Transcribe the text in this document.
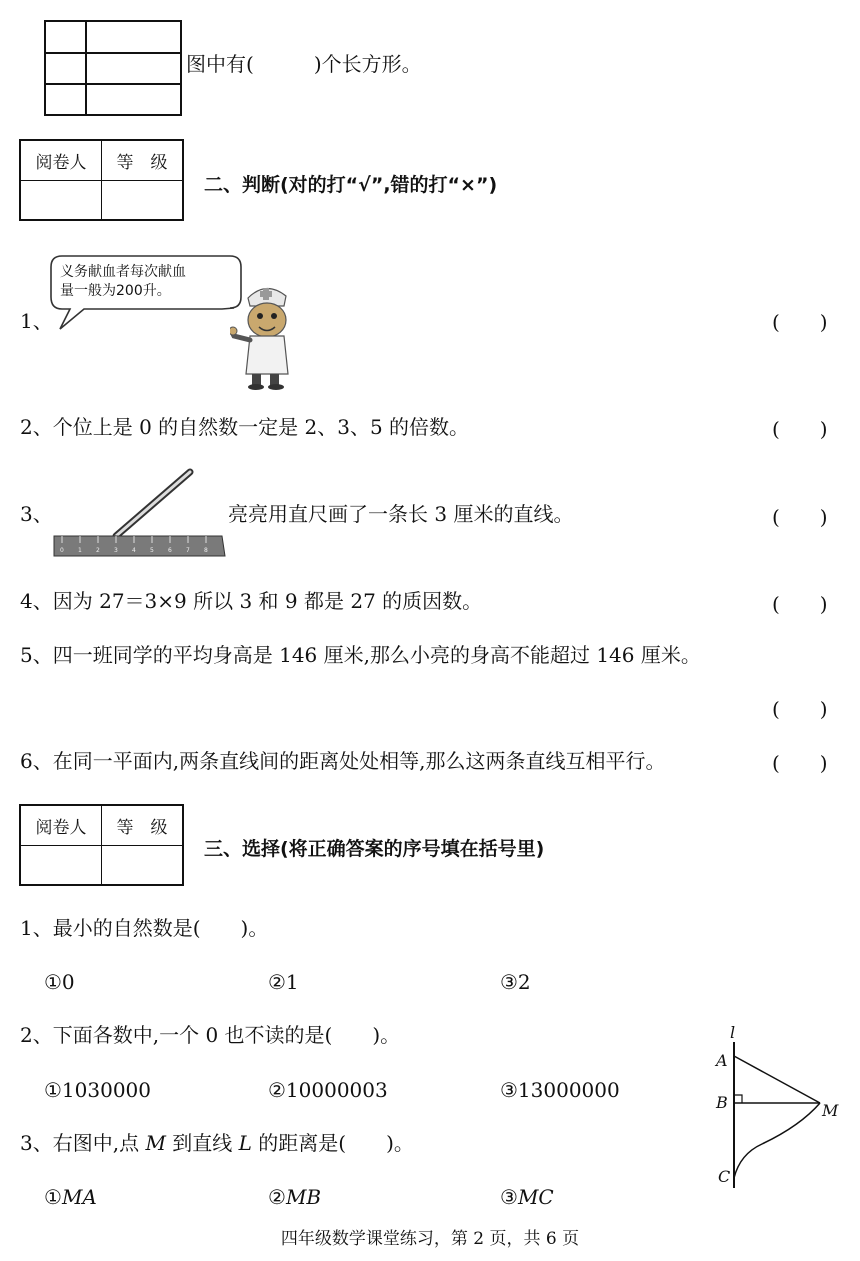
图中有(	)个长方形。
阅卷人	等　级

二、判断(对的打“√”,错的打“×”)
1、
义务献血者每次献血
量一般为200升。
(　　)
2、个位上是 0 的自然数一定是 2、3、5 的倍数。	(　　)
3、
0 1 2 3 4 5 6 7 8
亮亮用直尺画了一条长 3 厘米的直线。	(　　)
4、因为 27＝3×9 所以 3 和 9 都是 27 的质因数。	(　　)
5、四一班同学的平均身高是 146 厘米,那么小亮的身高不能超过 146 厘米。
(　　)
6、在同一平面内,两条直线间的距离处处相等,那么这两条直线互相平行。	(　　)
阅卷人	等　级

三、选择(将正确答案的序号填在括号里)
1、最小的自然数是(　　)。
①0	②1	③2
2、下面各数中,一个 0 也不读的是(　　)。
①1030000	②10000003	③13000000
3、右图中,点 M 到直线 L 的距离是(　　)。
①MA	②MB	③MC
l
A
B
C
M
四年级数学课堂练习，第 2 页，共 6 页
